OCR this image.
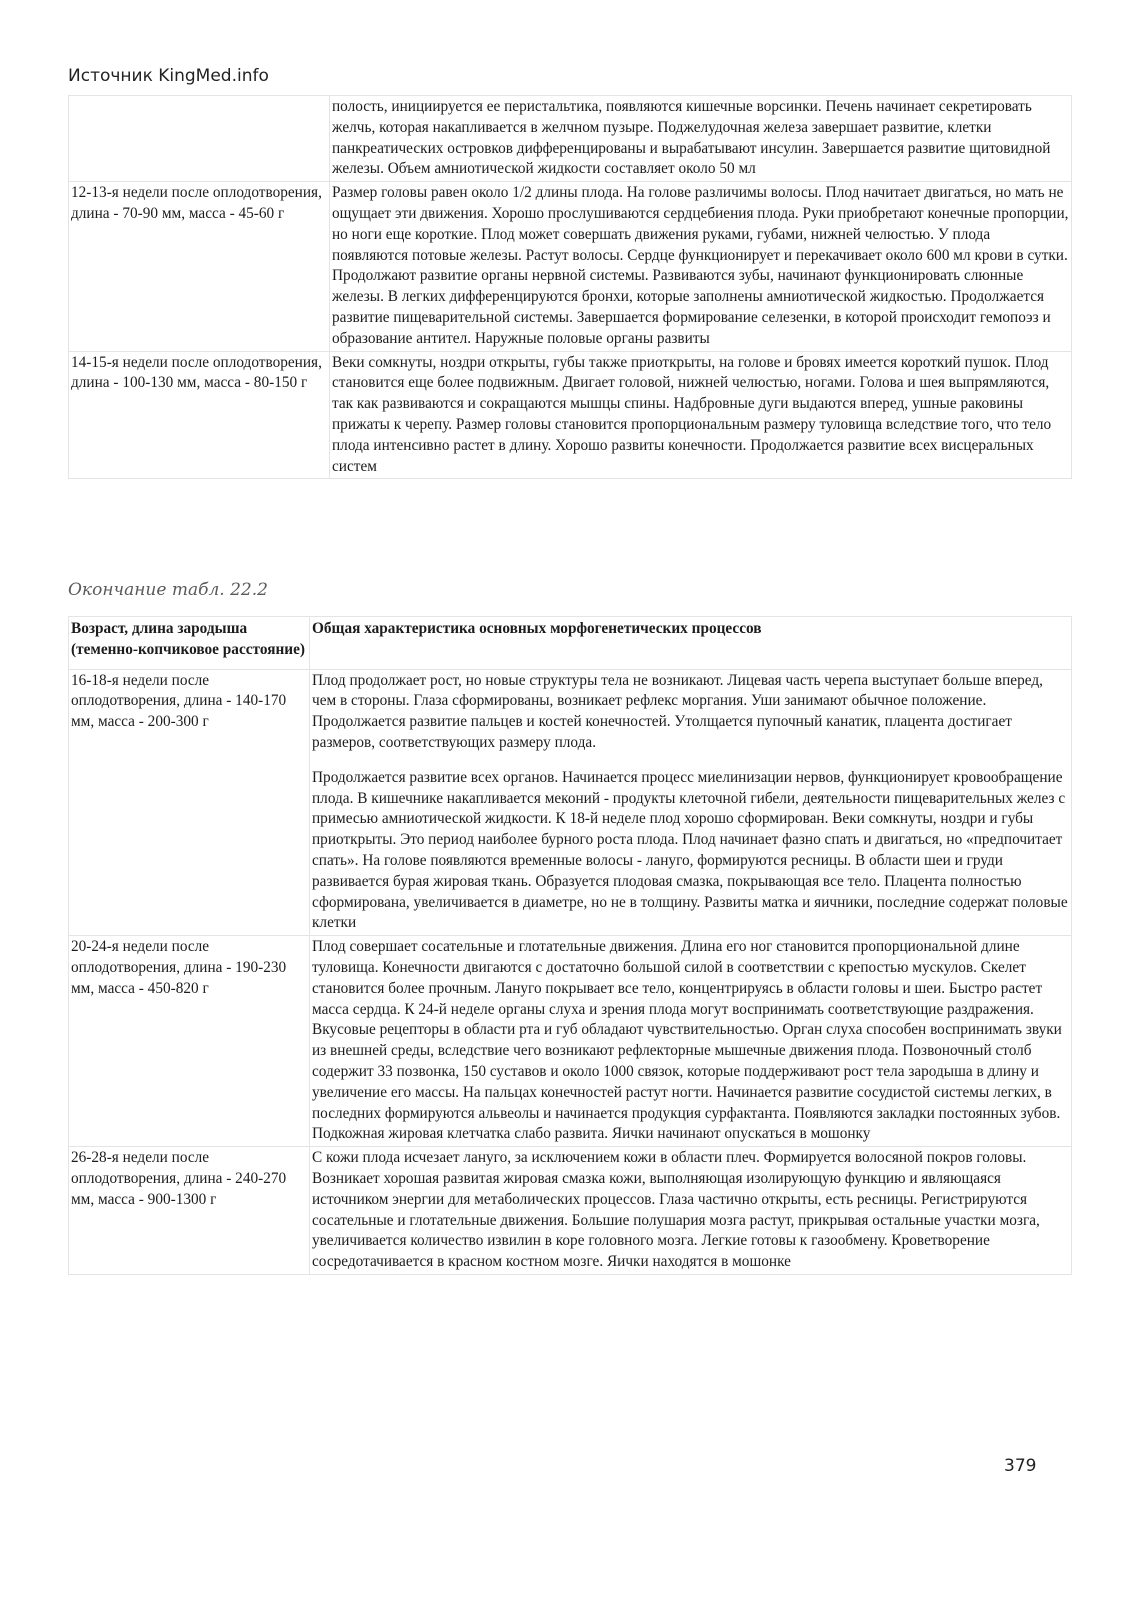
Источник KingMed.info
	полость, инициируется ее перистальтика, появляются кишечные ворсинки. Печень начинает секретировать желчь, которая накапливается в желчном пузыре. Поджелудочная железа завершает развитие, клетки панкреатических островков дифференцированы и вырабатывают инсулин. Завершается развитие щитовидной железы. Объем амниотической жидкости составляет около 50 мл
12-13-я недели после оплодотворения, длина - 70-90 мм, масса - 45-60 г	Размер головы равен около 1/2 длины плода. На голове различимы волосы. Плод начитает двигаться, но мать не ощущает эти движения. Хорошо прослушиваются сердцебиения плода. Руки приобретают конечные пропорции, но ноги еще короткие. Плод может совершать движения руками, губами, нижней челюстью. У плода появляются потовые железы. Растут волосы. Сердце функционирует и перекачивает около 600 мл крови в сутки. Продолжают развитие органы нервной системы. Развиваются зубы, начинают функционировать слюнные железы. В легких дифференцируются бронхи, которые заполнены амниотической жидкостью. Продолжается развитие пищеварительной системы. Завершается формирование селезенки, в которой происходит гемопоэз и образование антител. Наружные половые органы развиты
14-15-я недели после оплодотворения, длина - 100-130 мм, масса - 80-150 г	Веки сомкнуты, ноздри открыты, губы также приоткрыты, на голове и бровях имеется короткий пушок. Плод становится еще более подвижным. Двигает головой, нижней челюстью, ногами. Голова и шея выпрямляются, так как развиваются и сокращаются мышцы спины. Надбровные дуги выдаются вперед, ушные раковины прижаты к черепу. Размер головы становится пропорциональным размеру туловища вследствие того, что тело плода интенсивно растет в длину. Хорошо развиты конечности. Продолжается развитие всех висцеральных систем
Окончание табл. 22.2
Возраст, длина зародыша (теменно-копчиковое расстояние)	Общая характеристика основных морфогенетических процессов
16-18-я недели после оплодотворения, длина - 140-170 мм, масса - 200-300 г	Плод продолжает рост, но новые структуры тела не возникают. Лицевая часть черепа выступает больше вперед, чем в стороны. Глаза сформированы, возникает рефлекс моргания. Уши занимают обычное положение. Продолжается развитие пальцев и костей конечностей. Утолщается пупочный канатик, плацента достигает размеров, соответствующих размеру плода.
Продолжается развитие всех органов. Начинается процесс миелинизации нервов, функционирует кровообращение плода. В кишечнике накапливается меконий - продукты клеточной гибели, деятельности пищеварительных желез с примесью амниотической жидкости. К 18-й неделе плод хорошо сформирован. Веки сомкнуты, ноздри и губы приоткрыты. Это период наиболее бурного роста плода. Плод начинает фазно спать и двигаться, но «предпочитает спать». На голове появляются временные волосы - лануго, формируются ресницы. В области шеи и груди развивается бурая жировая ткань. Образуется плодовая смазка, покрывающая все тело. Плацента полностью сформирована, увеличивается в диаметре, но не в толщину. Развиты матка и яичники, последние содержат половые клетки

20-24-я недели после оплодотворения, длина - 190-230 мм, масса - 450-820 г	Плод совершает сосательные и глотательные движения. Длина его ног становится пропорциональной длине туловища. Конечности двигаются с достаточно большой силой в соответствии с крепостью мускулов. Скелет становится более прочным. Лануго покрывает все тело, концентрируясь в области головы и шеи. Быстро растет масса сердца. К 24-й неделе органы слуха и зрения плода могут воспринимать соответствующие раздражения. Вкусовые рецепторы в области рта и губ обладают чувствительностью. Орган слуха способен воспринимать звуки из внешней среды, вследствие чего возникают рефлекторные мышечные движения плода. Позвоночный столб содержит 33 позвонка, 150 суставов и около 1000 связок, которые поддерживают рост тела зародыша в длину и увеличение его массы. На пальцах конечностей растут ногти. Начинается развитие сосудистой системы легких, в последних формируются альвеолы и начинается продукция сурфактанта. Появляются закладки постоянных зубов. Подкожная жировая клетчатка слабо развита. Яички начинают опускаться в мошонку
26-28-я недели после оплодотворения, длина - 240-270 мм, масса - 900-1300 г	С кожи плода исчезает лануго, за исключением кожи в области плеч. Формируется волосяной покров головы. Возникает хорошая развитая жировая смазка кожи, выполняющая изолирующую функцию и являющаяся источником энергии для метаболических процессов. Глаза частично открыты, есть ресницы. Регистрируются сосательные и глотательные движения. Большие полушария мозга растут, прикрывая остальные участки мозга, увеличивается количество извилин в коре головного мозга. Легкие готовы к газообмену. Кроветворение сосредотачивается в красном костном мозге. Яички находятся в мошонке
379
